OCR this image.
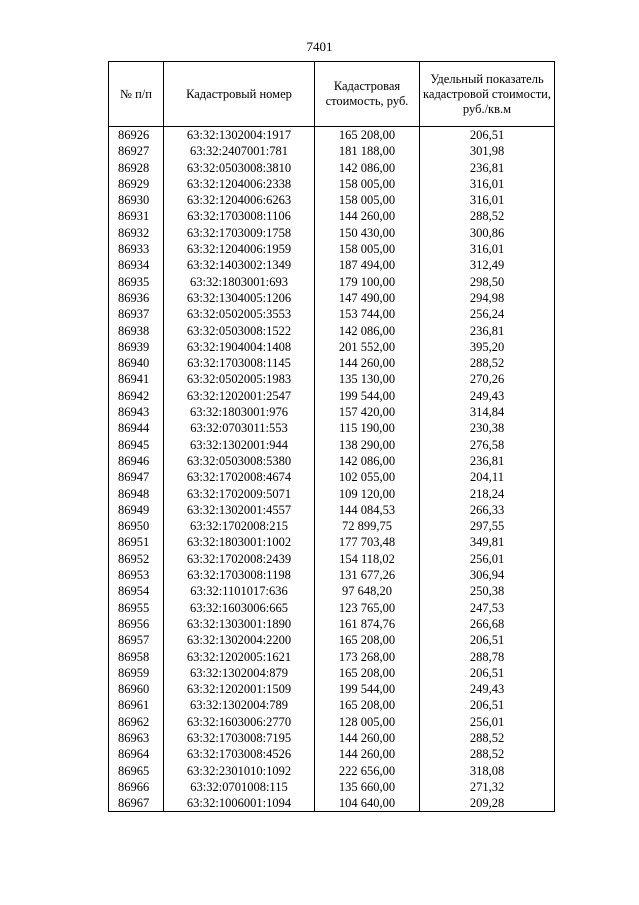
7401
№ п/п	Кадастровый номер	Кадастровая стоимость, руб.	Удельный показатель кадастровой стоимости, руб./кв.м
86926	63:32:1302004:1917	165 208,00	206,51
86927	63:32:2407001:781	181 188,00	301,98
86928	63:32:0503008:3810	142 086,00	236,81
86929	63:32:1204006:2338	158 005,00	316,01
86930	63:32:1204006:6263	158 005,00	316,01
86931	63:32:1703008:1106	144 260,00	288,52
86932	63:32:1703009:1758	150 430,00	300,86
86933	63:32:1204006:1959	158 005,00	316,01
86934	63:32:1403002:1349	187 494,00	312,49
86935	63:32:1803001:693	179 100,00	298,50
86936	63:32:1304005:1206	147 490,00	294,98
86937	63:32:0502005:3553	153 744,00	256,24
86938	63:32:0503008:1522	142 086,00	236,81
86939	63:32:1904004:1408	201 552,00	395,20
86940	63:32:1703008:1145	144 260,00	288,52
86941	63:32:0502005:1983	135 130,00	270,26
86942	63:32:1202001:2547	199 544,00	249,43
86943	63:32:1803001:976	157 420,00	314,84
86944	63:32:0703011:553	115 190,00	230,38
86945	63:32:1302001:944	138 290,00	276,58
86946	63:32:0503008:5380	142 086,00	236,81
86947	63:32:1702008:4674	102 055,00	204,11
86948	63:32:1702009:5071	109 120,00	218,24
86949	63:32:1302001:4557	144 084,53	266,33
86950	63:32:1702008:215	72 899,75	297,55
86951	63:32:1803001:1002	177 703,48	349,81
86952	63:32:1702008:2439	154 118,02	256,01
86953	63:32:1703008:1198	131 677,26	306,94
86954	63:32:1101017:636	97 648,20	250,38
86955	63:32:1603006:665	123 765,00	247,53
86956	63:32:1303001:1890	161 874,76	266,68
86957	63:32:1302004:2200	165 208,00	206,51
86958	63:32:1202005:1621	173 268,00	288,78
86959	63:32:1302004:879	165 208,00	206,51
86960	63:32:1202001:1509	199 544,00	249,43
86961	63:32:1302004:789	165 208,00	206,51
86962	63:32:1603006:2770	128 005,00	256,01
86963	63:32:1703008:7195	144 260,00	288,52
86964	63:32:1703008:4526	144 260,00	288,52
86965	63:32:2301010:1092	222 656,00	318,08
86966	63:32:0701008:115	135 660,00	271,32
86967	63:32:1006001:1094	104 640,00	209,28
